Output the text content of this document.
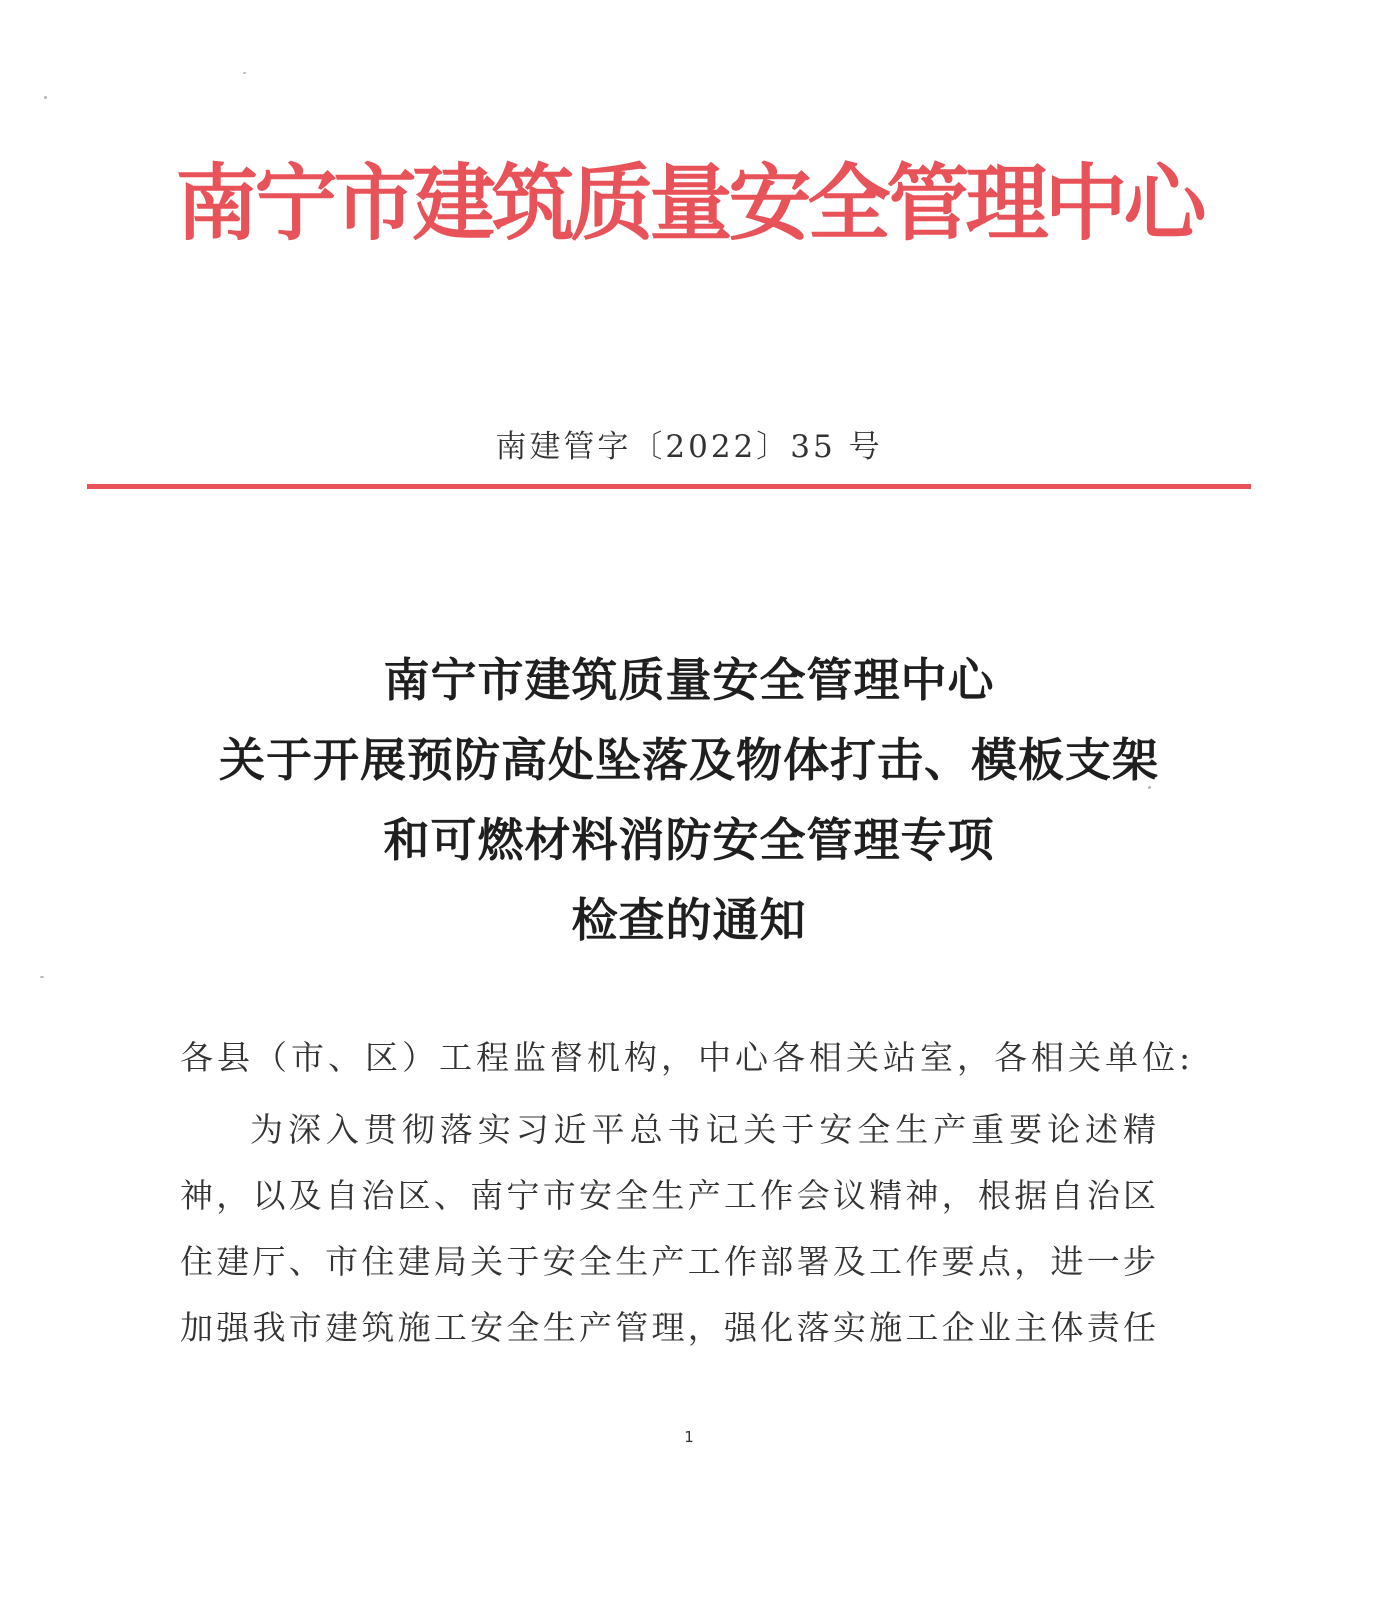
南宁市建筑质量安全管理中心
南建管字〔2022〕35 号
南宁市建筑质量安全管理中心
关于开展预防高处坠落及物体打击、模板支架
和可燃材料消防安全管理专项
检查的通知
各县（市、区）工程监督机构，中心各相关站室，各相关单位:
为深入贯彻落实习近平总书记关于安全生产重要论述精
神，以及自治区、南宁市安全生产工作会议精神，根据自治区
住建厅、市住建局关于安全生产工作部署及工作要点，进一步
加强我市建筑施工安全生产管理，强化落实施工企业主体责任
1
